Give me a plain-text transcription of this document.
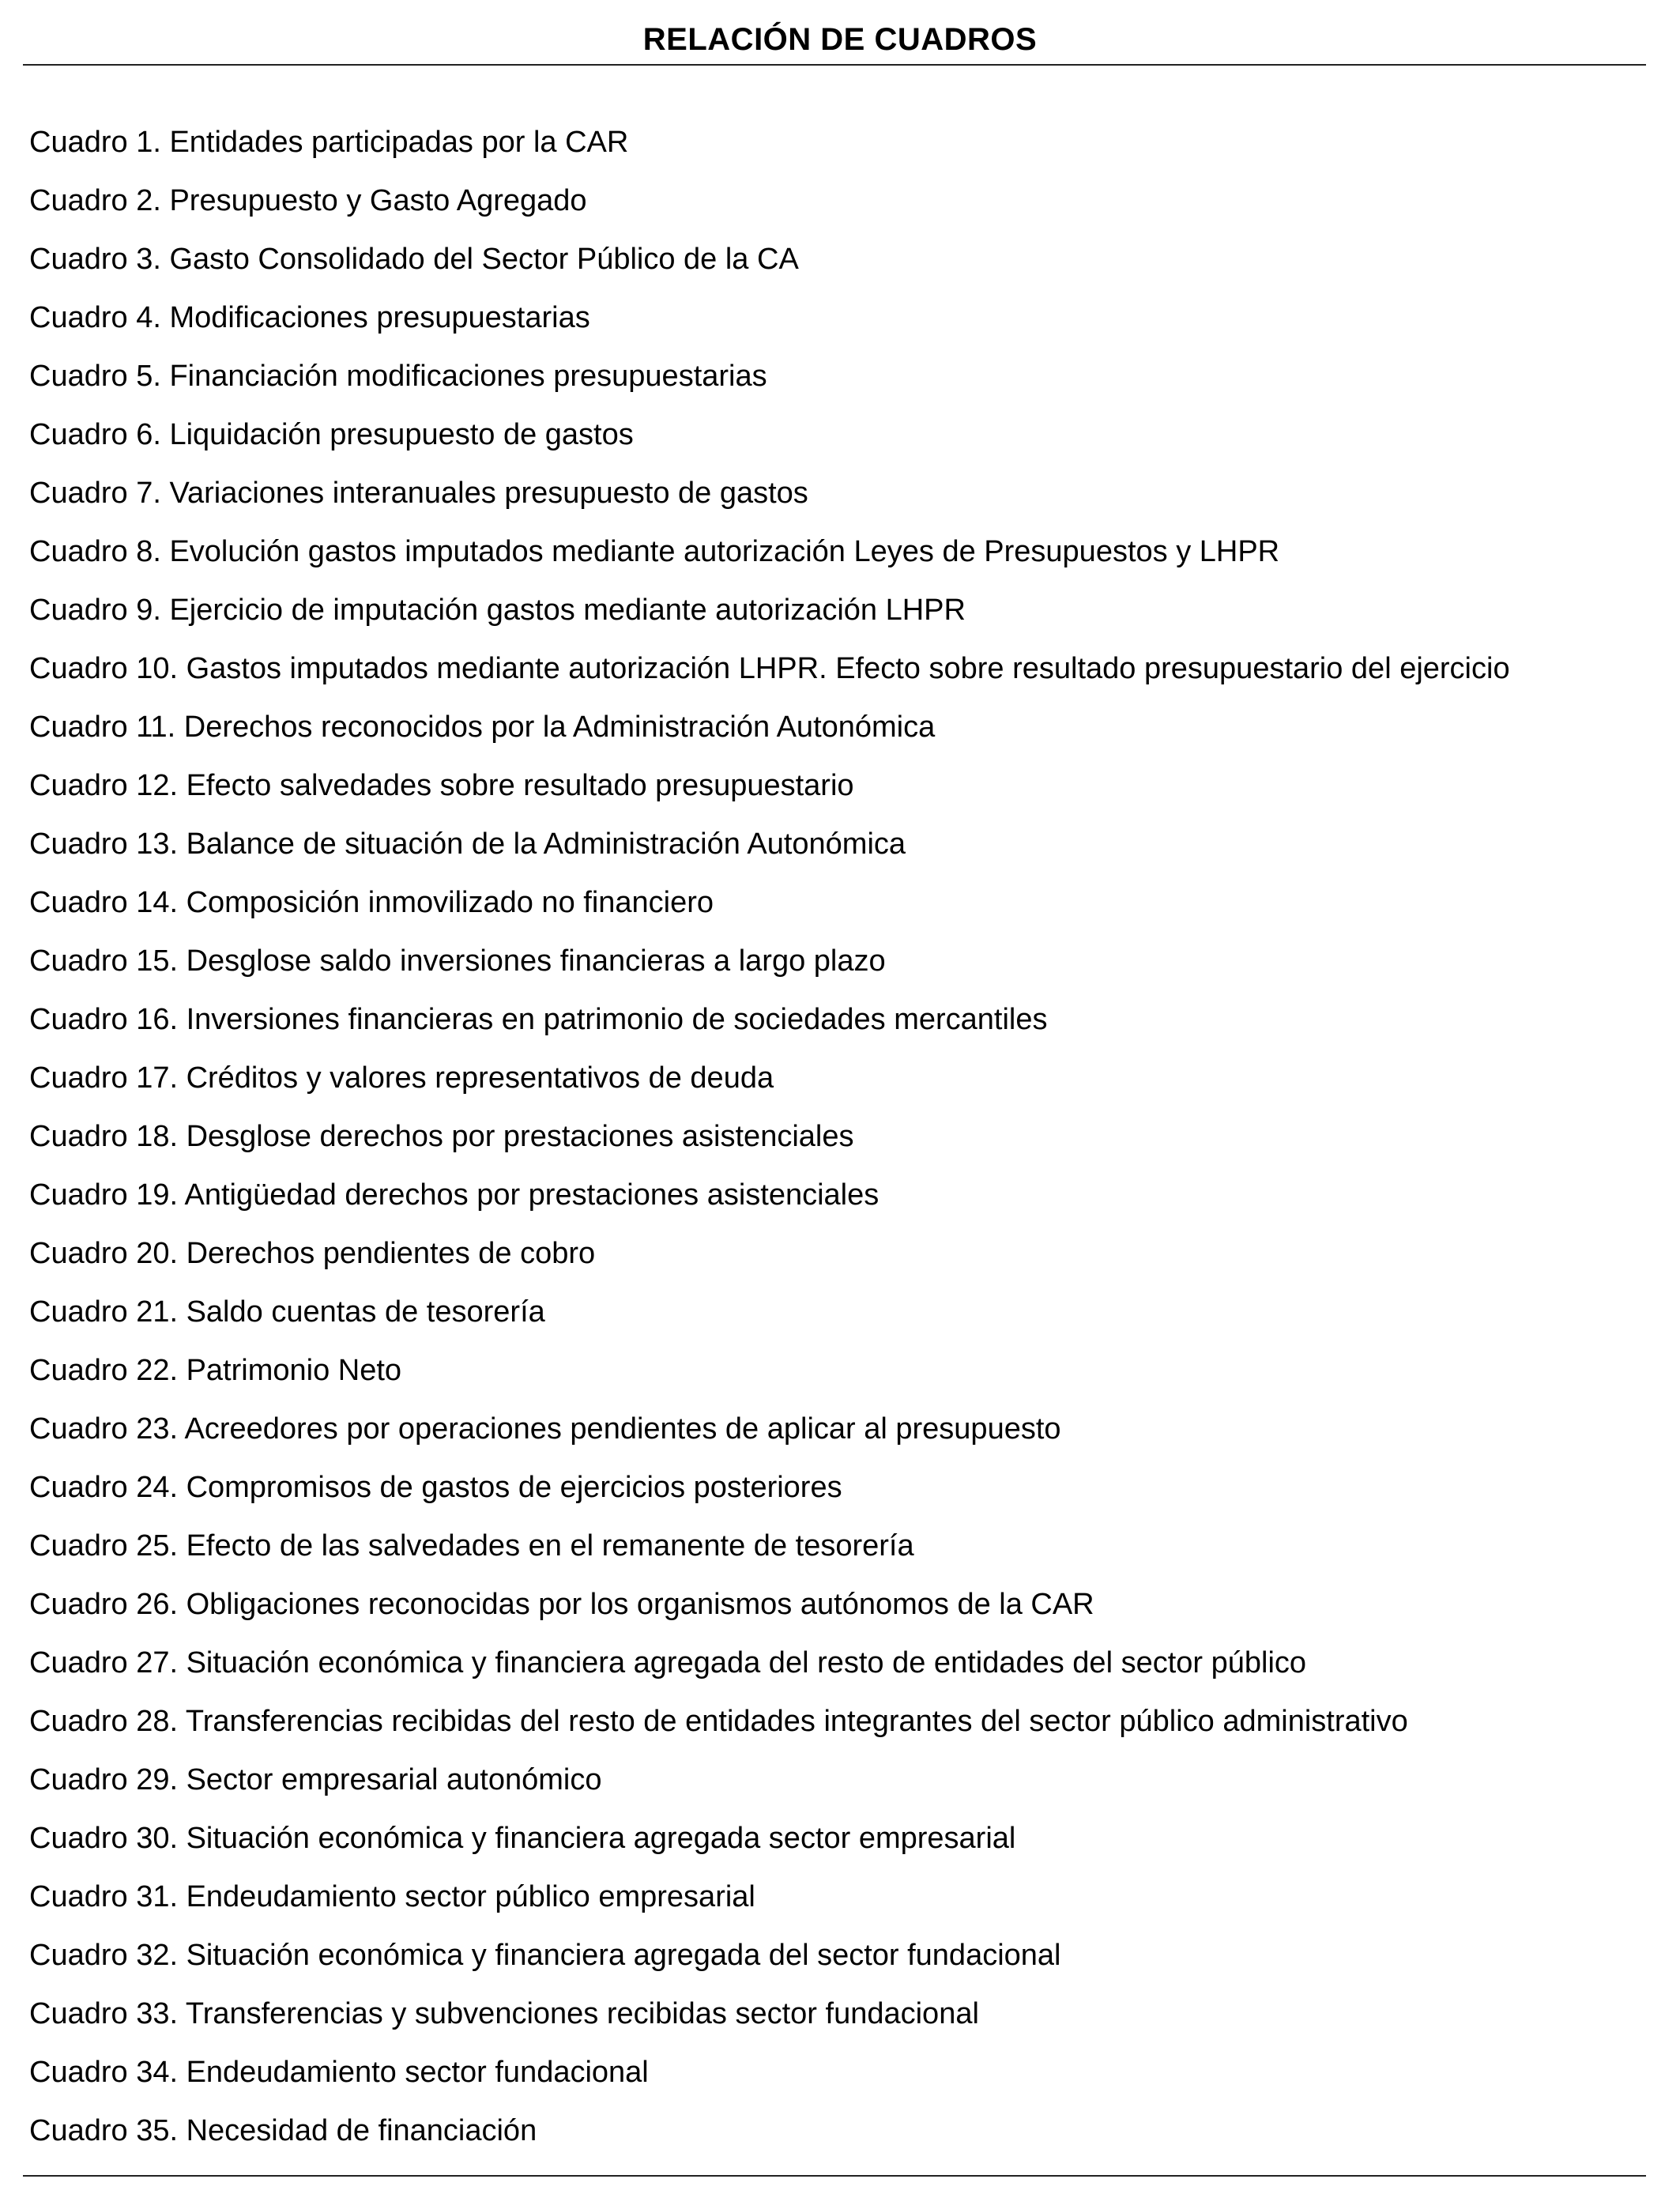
RELACIÓN DE CUADROS
Cuadro 1. Entidades participadas por la CAR
Cuadro 2. Presupuesto y Gasto Agregado
Cuadro 3. Gasto Consolidado del Sector Público de la CA
Cuadro 4. Modificaciones presupuestarias
Cuadro 5. Financiación modificaciones presupuestarias
Cuadro 6. Liquidación presupuesto de gastos
Cuadro 7. Variaciones interanuales presupuesto de gastos
Cuadro 8. Evolución gastos imputados mediante autorización Leyes de Presupuestos y LHPR
Cuadro 9. Ejercicio de imputación gastos mediante autorización LHPR
Cuadro 10. Gastos imputados mediante autorización LHPR. Efecto sobre resultado presupuestario del ejercicio
Cuadro 11. Derechos reconocidos por la Administración Autonómica
Cuadro 12. Efecto salvedades sobre resultado presupuestario
Cuadro 13. Balance de situación de la Administración Autonómica
Cuadro 14. Composición inmovilizado no financiero
Cuadro 15. Desglose saldo inversiones financieras a largo plazo
Cuadro 16. Inversiones financieras en patrimonio de sociedades mercantiles
Cuadro 17. Créditos y valores representativos de deuda
Cuadro 18. Desglose derechos por prestaciones asistenciales
Cuadro 19. Antigüedad derechos por prestaciones asistenciales
Cuadro 20. Derechos pendientes de cobro
Cuadro 21. Saldo cuentas de tesorería
Cuadro 22. Patrimonio Neto
Cuadro 23. Acreedores por operaciones pendientes de aplicar al presupuesto
Cuadro 24. Compromisos de gastos de ejercicios posteriores
Cuadro 25. Efecto de las salvedades en el remanente de tesorería
Cuadro 26. Obligaciones reconocidas por los organismos autónomos de la CAR
Cuadro 27. Situación económica y financiera agregada del resto de entidades del sector público
Cuadro 28. Transferencias recibidas del resto de entidades integrantes del sector público administrativo
Cuadro 29. Sector empresarial autonómico
Cuadro 30. Situación económica y financiera agregada sector empresarial
Cuadro 31. Endeudamiento sector público empresarial
Cuadro 32. Situación económica y financiera agregada del sector fundacional
Cuadro 33. Transferencias y subvenciones recibidas sector fundacional
Cuadro 34. Endeudamiento sector fundacional
Cuadro 35. Necesidad de financiación
